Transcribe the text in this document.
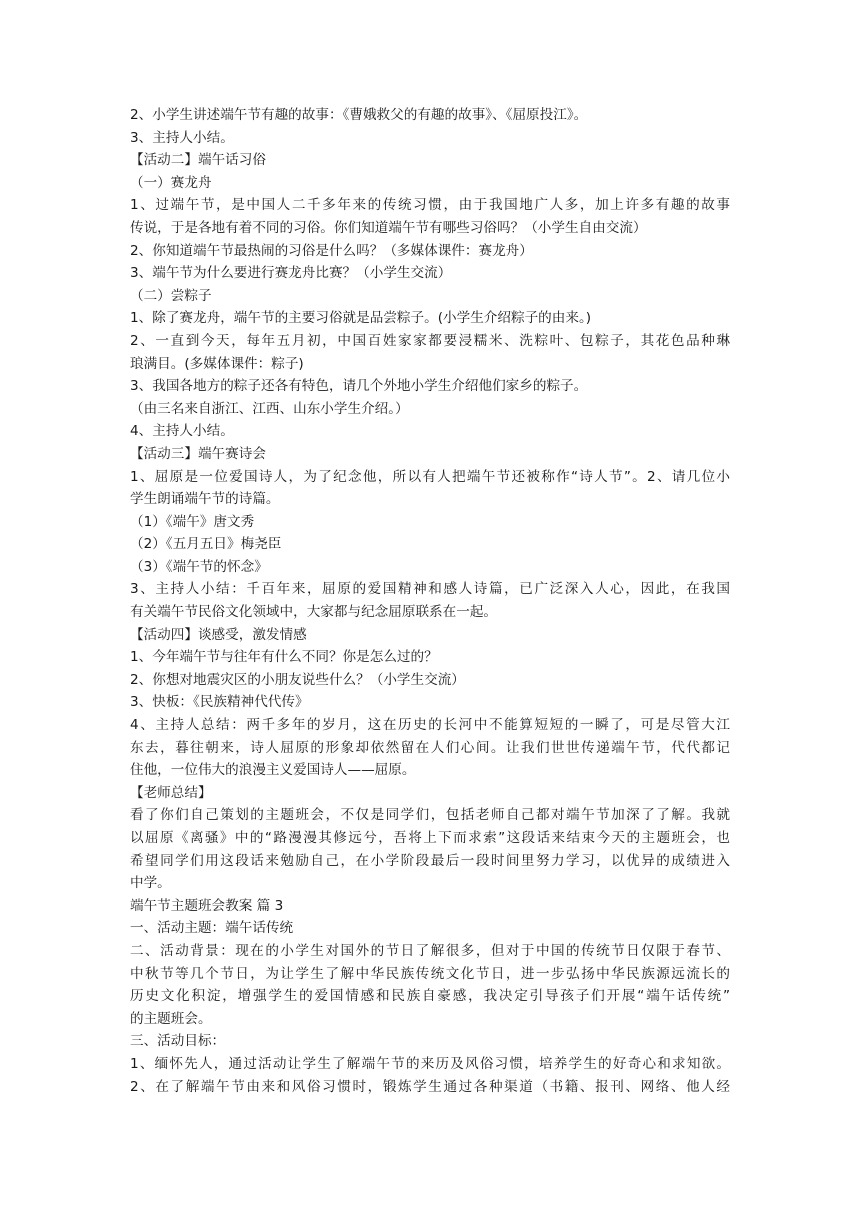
2、小学生讲述端午节有趣的故事：《曹娥救父的有趣的故事》、《屈原投江》。

3、主持人小结。

【活动二】端午话习俗

（一）赛龙舟

1、过端午节，是中国人二千多年来的传统习惯，由于我国地广人多，加上许多有趣的故事

传说，于是各地有着不同的习俗。你们知道端午节有哪些习俗吗？（小学生自由交流）

2、你知道端午节最热闹的习俗是什么吗？（多媒体课件：赛龙舟）

3、端午节为什么要进行赛龙舟比赛？（小学生交流）

（二）尝粽子

1、除了赛龙舟，端午节的主要习俗就是品尝粽子。(小学生介绍粽子的由来。)

2、一直到今天，每年五月初，中国百姓家家都要浸糯米、洗粽叶、包粽子，其花色品种琳

琅满目。(多媒体课件：粽子)

3、我国各地方的粽子还各有特色，请几个外地小学生介绍他们家乡的粽子。

（由三名来自浙江、江西、山东小学生介绍。）

4、主持人小结。

【活动三】端午赛诗会

1、屈原是一位爱国诗人，为了纪念他，所以有人把端午节还被称作“诗人节”。2、请几位小

学生朗诵端午节的诗篇。

（1）《端午》唐文秀

（2）《五月五日》梅尧臣

（3）《端午节的怀念》

3、主持人小结：千百年来，屈原的爱国精神和感人诗篇，已广泛深入人心，因此，在我国

有关端午节民俗文化领域中，大家都与纪念屈原联系在一起。

【活动四】谈感受，激发情感

1、今年端午节与往年有什么不同？你是怎么过的？

2、你想对地震灾区的小朋友说些什么？（小学生交流）

3、快板：《民族精神代代传》

4、主持人总结：两千多年的岁月，这在历史的长河中不能算短短的一瞬了，可是尽管大江

东去，暮往朝来，诗人屈原的形象却依然留在人们心间。让我们世世传递端午节，代代都记

住他，一位伟大的浪漫主义爱国诗人——屈原。

【老师总结】

看了你们自己策划的主题班会，不仅是同学们，包括老师自己都对端午节加深了了解。我就

以屈原《离骚》中的“路漫漫其修远兮，吾将上下而求索”这段话来结束今天的主题班会，也

希望同学们用这段话来勉励自己，在小学阶段最后一段时间里努力学习，以优异的成绩进入

中学。

端午节主题班会教案 篇 3

一、活动主题：端午话传统

二、活动背景：现在的小学生对国外的节日了解很多，但对于中国的传统节日仅限于春节、

中秋节等几个节日，为让学生了解中华民族传统文化节日，进一步弘扬中华民族源远流长的

历史文化积淀，增强学生的爱国情感和民族自豪感，我决定引导孩子们开展“端午话传统”

的主题班会。

三、活动目标：

1、缅怀先人，通过活动让学生了解端午节的来历及风俗习惯，培养学生的好奇心和求知欲。

2、在了解端午节由来和风俗习惯时，锻炼学生通过各种渠道（书籍、报刊、网络、他人经
